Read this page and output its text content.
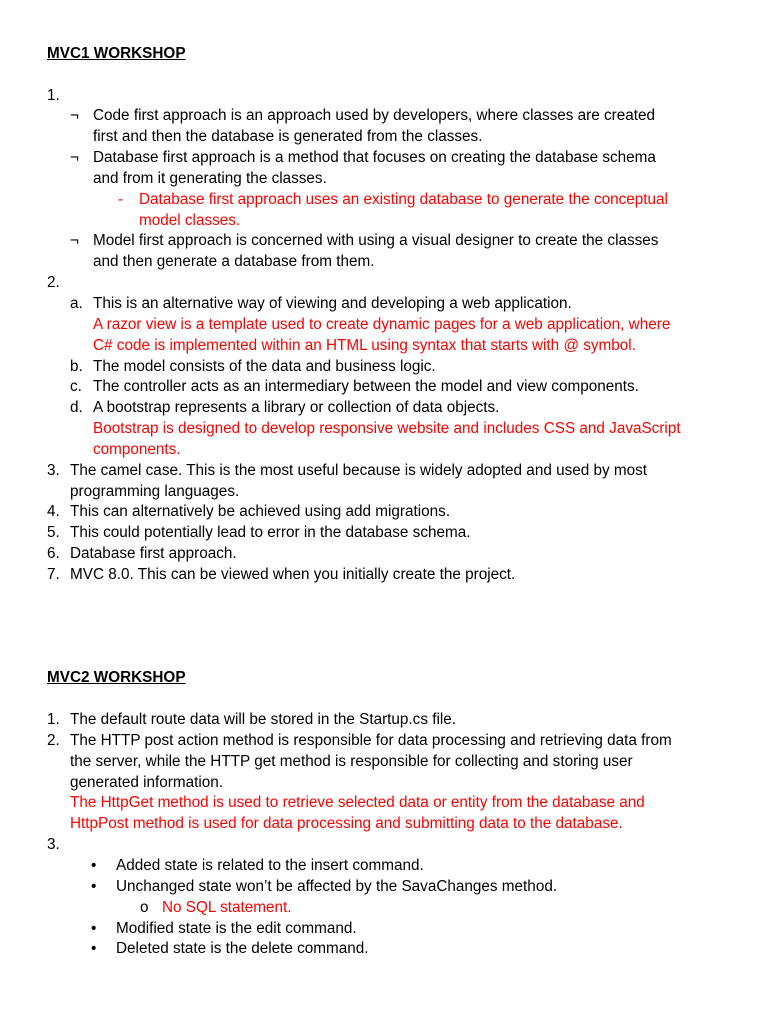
MVC1 WORKSHOP
1.
¬ Code first approach is an approach used by developers, where classes are created
first and then the database is generated from the classes.
¬ Database first approach is a method that focuses on creating the database schema
and from it generating the classes.
- Database first approach uses an existing database to generate the conceptual
model classes.
¬ Model first approach is concerned with using a visual designer to create the classes
and then generate a database from them.
2.
a. This is an alternative way of viewing and developing a web application.
A razor view is a template used to create dynamic pages for a web application, where
C# code is implemented within an HTML using syntax that starts with @ symbol.
b. The model consists of the data and business logic.
c. The controller acts as an intermediary between the model and view components.
d. A bootstrap represents a library or collection of data objects.
Bootstrap is designed to develop responsive website and includes CSS and JavaScript
components.
3. The camel case. This is the most useful because is widely adopted and used by most
programming languages.
4. This can alternatively be achieved using add migrations.
5. This could potentially lead to error in the database schema.
6. Database first approach.
7. MVC 8.0. This can be viewed when you initially create the project.
MVC2 WORKSHOP
1. The default route data will be stored in the Startup.cs file.
2. The HTTP post action method is responsible for data processing and retrieving data from
the server, while the HTTP get method is responsible for collecting and storing user
generated information.
The HttpGet method is used to retrieve selected data or entity from the database and
HttpPost method is used for data processing and submitting data to the database.
3.
• Added state is related to the insert command.
• Unchanged state won’t be affected by the SavaChanges method.
o No SQL statement.
• Modified state is the edit command.
• Deleted state is the delete command.
